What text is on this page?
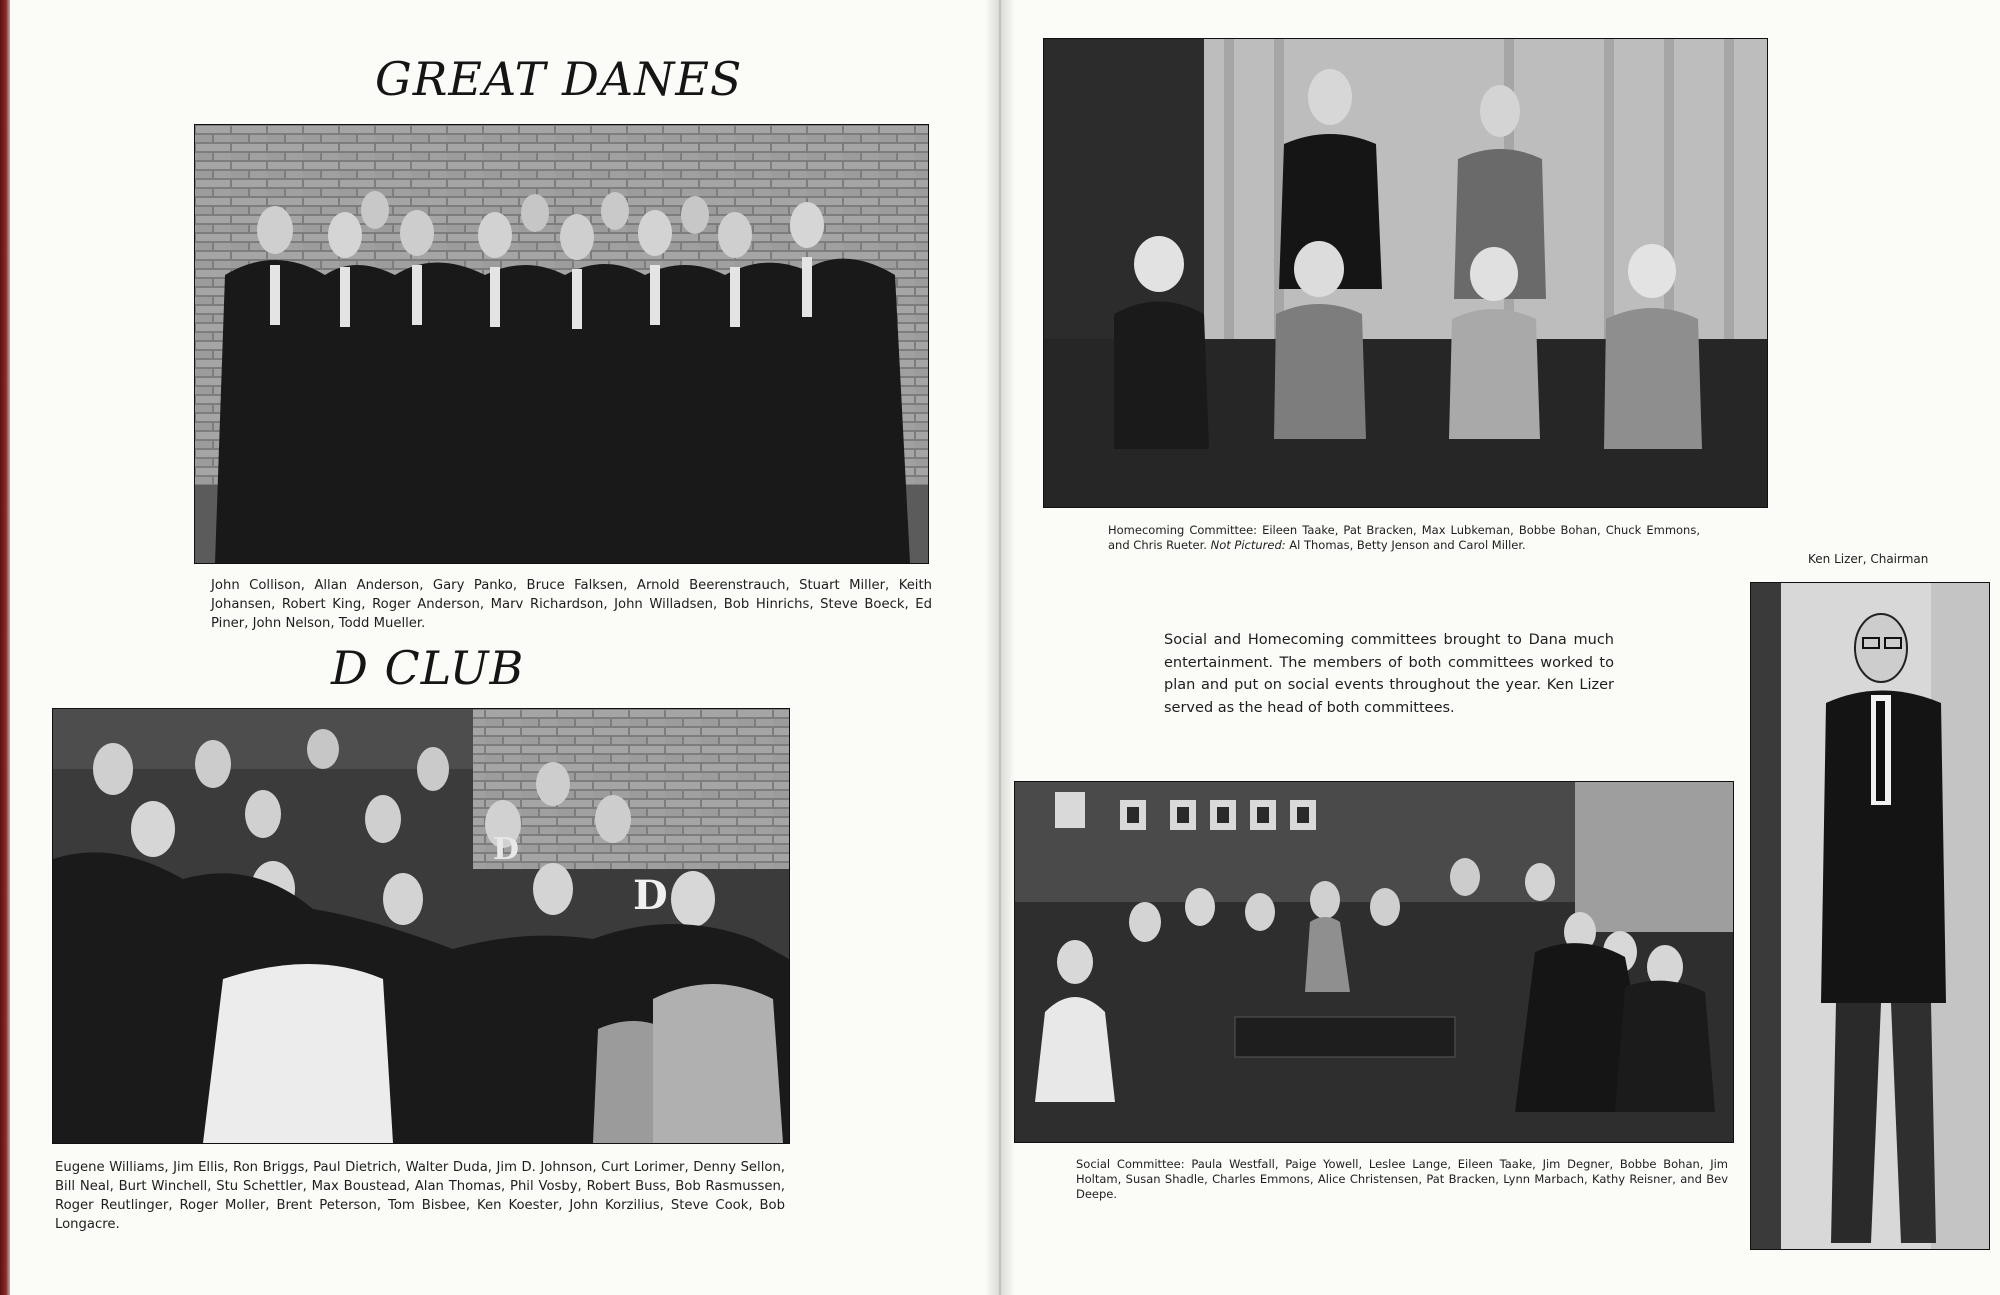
GREAT DANES

John Collison, Allan Anderson, Gary Panko, Bruce Falksen, Arnold Beerenstrauch, Stuart Miller, Keith Johansen, Robert King, Roger Anderson, Marv Richardson, John Willadsen, Bob Hinrichs, Steve Boeck, Ed Piner, John Nelson, Todd Mueller.

D CLUB
D
D

Eugene Williams, Jim Ellis, Ron Briggs, Paul Dietrich, Walter Duda, Jim D. Johnson, Curt Lorimer, Denny Sellon, Bill Neal, Burt Winchell, Stu Schettler, Max Boustead, Alan Thomas, Phil Vosby, Robert Buss, Bob Rasmussen, Roger Reutlinger, Roger Moller, Brent Peterson, Tom Bisbee, Ken Koester, John Korzilius, Steve Cook, Bob Longacre.

Homecoming Committee: Eileen Taake, Pat Bracken, Max Lubkeman, Bobbe Bohan, Chuck Emmons, and Chris Rueter. Not Pictured: Al Thomas, Betty Jenson and Carol Miller.

Ken Lizer, Chairman

Social and Homecoming committees brought to Dana much entertainment. The members of both committees worked to plan and put on social events throughout the year. Ken Lizer served as the head of both committees.

Social Committee: Paula Westfall, Paige Yowell, Leslee Lange, Eileen Taake, Jim Degner, Bobbe Bohan, Jim Holtam, Susan Shadle, Charles Emmons, Alice Christensen, Pat Bracken, Lynn Marbach, Kathy Reisner, and Bev Deepe.
